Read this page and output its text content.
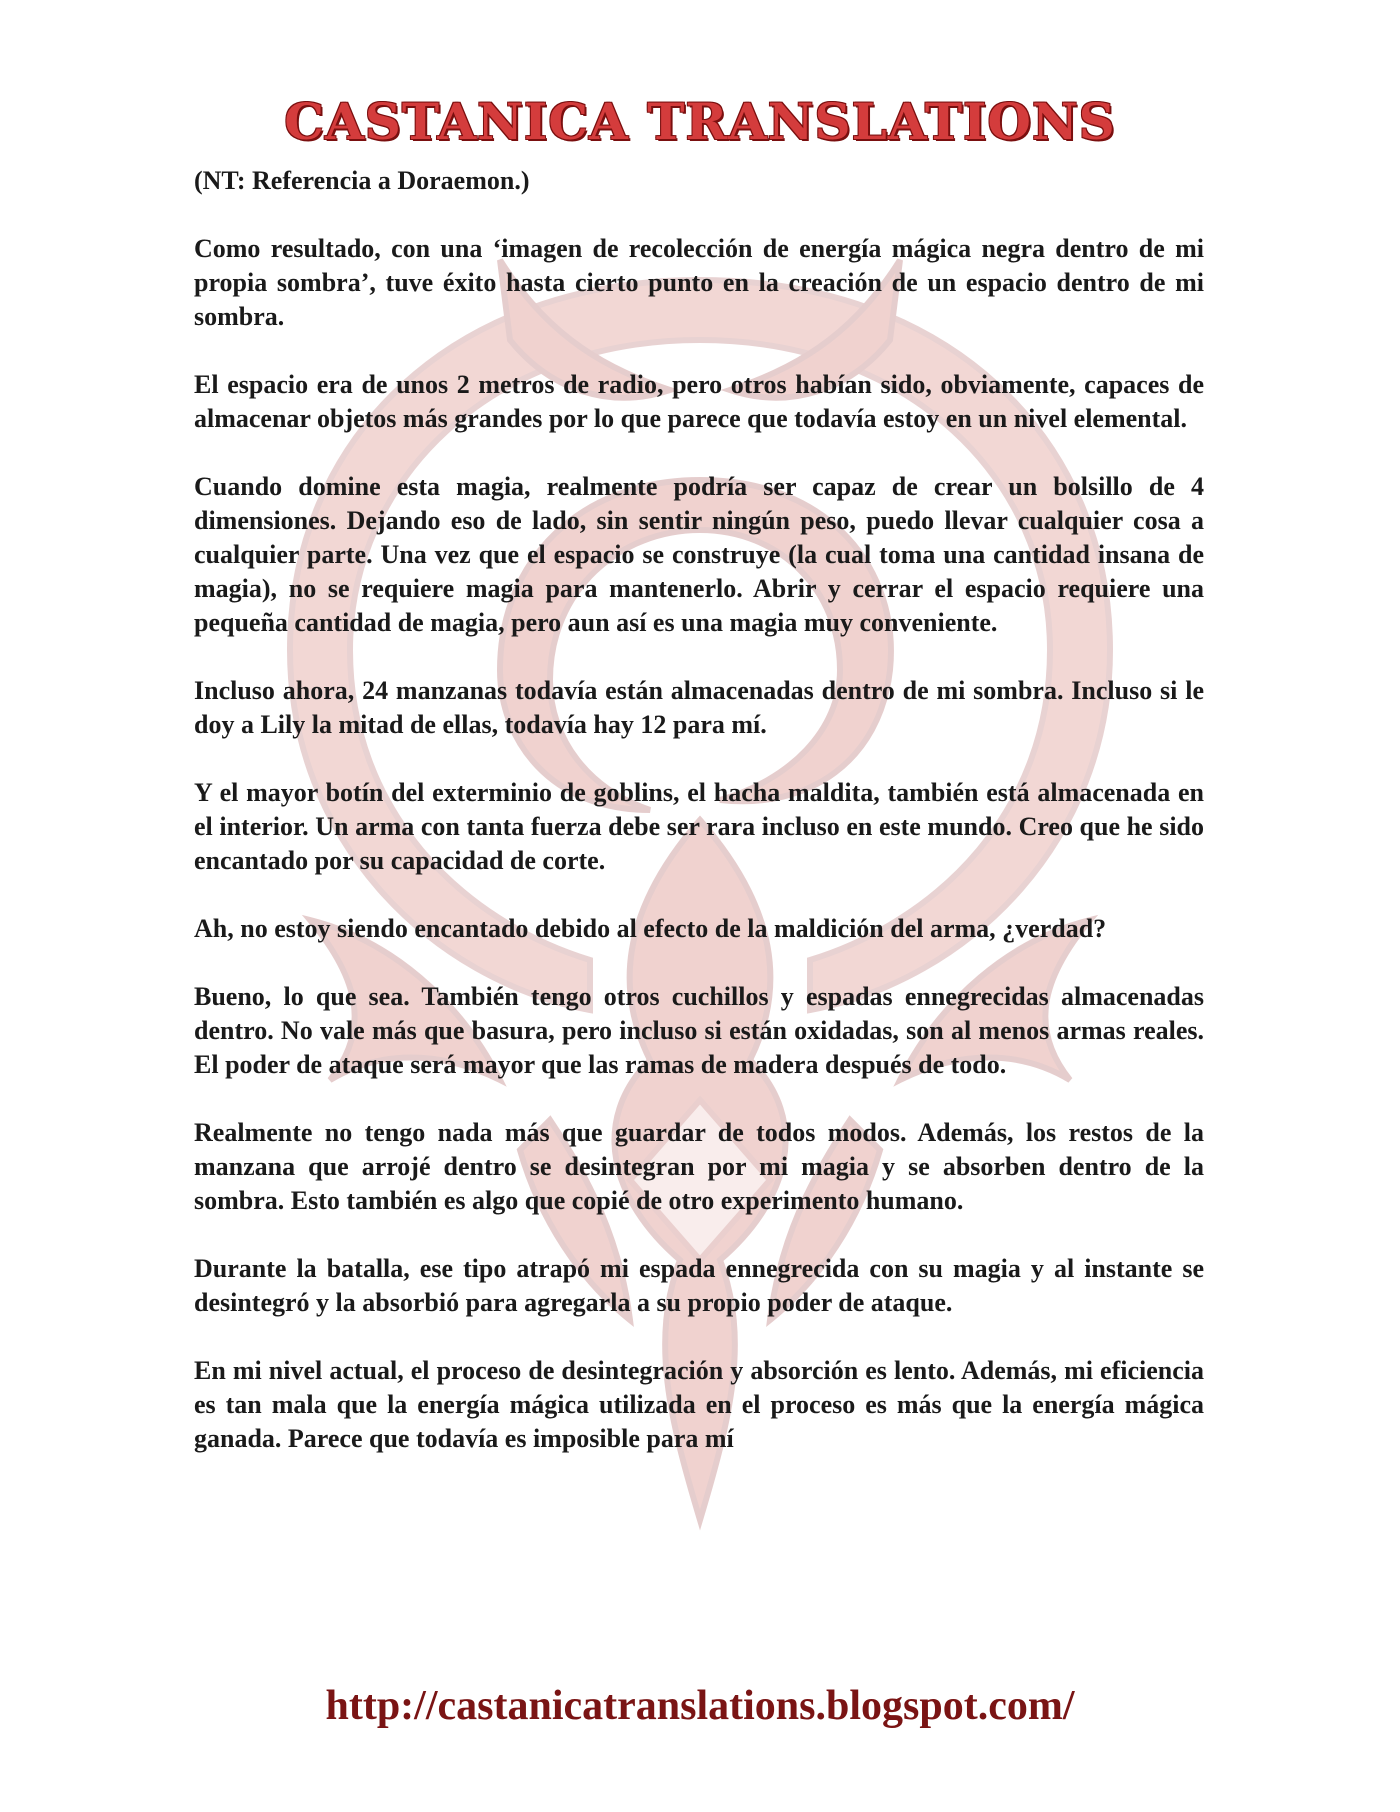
CASTANICA TRANSLATIONS

(NT: Referencia a Doraemon.)

Como resultado, con una ‘imagen de recolección de energía mágica negra dentro de mi propia sombra’, tuve éxito hasta cierto punto en la creación de un espacio dentro de mi sombra.

El espacio era de unos 2 metros de radio, pero otros habían sido, obviamente, capaces de almacenar objetos más grandes por lo que parece que todavía estoy en un nivel elemental.

Cuando domine esta magia, realmente podría ser capaz de crear un bolsillo de 4 dimensiones. Dejando eso de lado, sin sentir ningún peso, puedo llevar cualquier cosa a cualquier parte. Una vez que el espacio se construye (la cual toma una cantidad insana de magia), no se requiere magia para mantenerlo. Abrir y cerrar el espacio requiere una pequeña cantidad de magia, pero aun así es una magia muy conveniente.

Incluso ahora, 24 manzanas todavía están almacenadas dentro de mi sombra. Incluso si le doy a Lily la mitad de ellas, todavía hay 12 para mí.

Y el mayor botín del exterminio de goblins, el hacha maldita, también está almacenada en el interior. Un arma con tanta fuerza debe ser rara incluso en este mundo. Creo que he sido encantado por su capacidad de corte.

Ah, no estoy siendo encantado debido al efecto de la maldición del arma, ¿verdad?

Bueno, lo que sea. También tengo otros cuchillos y espadas ennegrecidas almacenadas dentro. No vale más que basura, pero incluso si están oxidadas, son al menos armas reales. El poder de ataque será mayor que las ramas de madera después de todo.

Realmente no tengo nada más que guardar de todos modos. Además, los restos de la manzana que arrojé dentro se desintegran por mi magia y se absorben dentro de la sombra. Esto también es algo que copié de otro experimento humano.

Durante la batalla, ese tipo atrapó mi espada ennegrecida con su magia y al instante se desintegró y la absorbió para agregarla a su propio poder de ataque.

En mi nivel actual, el proceso de desintegración y absorción es lento. Además, mi eficiencia es tan mala que la energía mágica utilizada en el proceso es más que la energía mágica ganada. Parece que todavía es imposible para mí

http://castanicatranslations.blogspot.com/
